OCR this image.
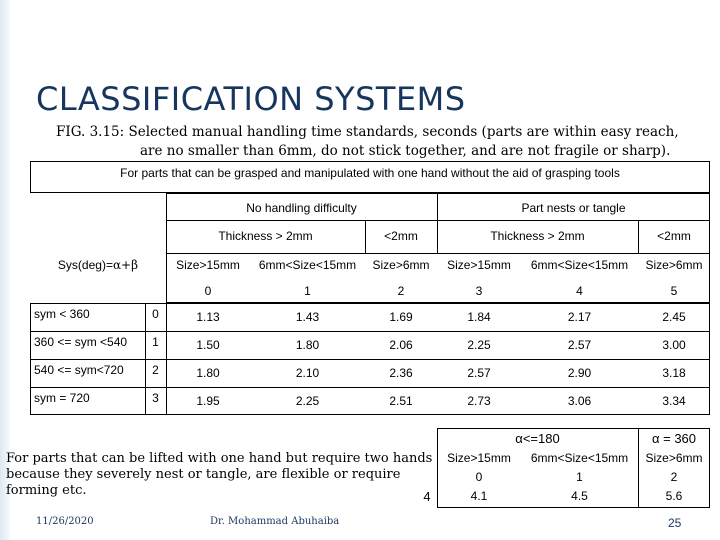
CLASSIFICATION SYSTEMS
FIG. 3.15: Selected manual handling time standards, seconds (parts are within easy reach,
are no smaller than 6mm, do not stick together, and are not fragile or sharp).
For parts that can be grasped and manipulated with one hand without the aid of grasping tools
No handling difficulty	Part nests or tangle
Thickness > 2mm	<2mm	Thickness > 2mm	<2mm
Sys(deg)= α+β	Size>15mm	6mm<Size<15mm	Size>6mm	Size>15mm	6mm<Size<15mm	Size>6mm
0	1	2	3	4	5
sym < 360	0	1.13	1.43	1.69	1.84	2.17	2.45
360 <= sym <540	1	1.50	1.80	2.06	2.25	2.57	3.00
540 <= sym<720	2	1.80	2.10	2.36	2.57	2.90	3.18
sym = 720	3	1.95	2.25	2.51	2.73	3.06	3.34
For parts that can be lifted with one hand but require two hands because they severely nest or tangle, are flexible or require forming etc.	4
α<=180	α = 360
Size>15mm	6mm<Size<15mm	Size>6mm
0	1	2
4.1	4.5	5.6
11/26/2020	Dr. Mohammad Abuhaiba	25
